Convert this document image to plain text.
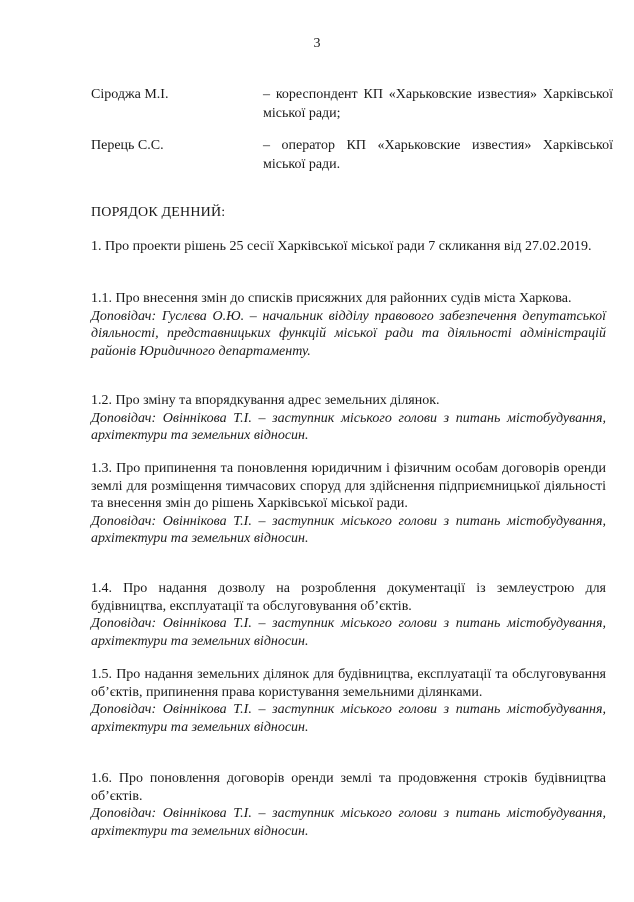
3
Сіроджа М.І.	– кореспондент КП «Харьковские известия» Харківської міської ради;
Перець С.С.	– оператор КП «Харьковские известия» Харківської міської ради.
ПОРЯДОК ДЕННИЙ:

1. Про проекти рішень 25 сесії Харківської міської ради 7 скликання від 27.02.2019.

1.1. Про внесення змін до списків присяжних для районних судів міста Харкова.

Доповідач: Гуслєва О.Ю. – начальник відділу правового забезпечення депутатської діяльності, представницьких функцій міської ради та діяльності адміністрацій районів Юридичного департаменту.

1.2. Про зміну та впорядкування адрес земельних ділянок.

Доповідач: Овіннікова Т.І. – заступник міського голови з питань містобудування, архітектури та земельних відносин.

1.3. Про припинення та поновлення юридичним і фізичним особам договорів оренди землі для розміщення тимчасових споруд для здійснення підприємницької діяльності та внесення змін до рішень Харківської міської ради.

Доповідач: Овіннікова Т.І. – заступник міського голови з питань містобудування, архітектури та земельних відносин.

1.4. Про надання дозволу на розроблення документації із землеустрою для будівництва, експлуатації та обслуговування об’єктів.

Доповідач: Овіннікова Т.І. – заступник міського голови з питань містобудування, архітектури та земельних відносин.

1.5. Про надання земельних ділянок для будівництва, експлуатації та обслуговування об’єктів, припинення права користування земельними ділянками.

Доповідач: Овіннікова Т.І. – заступник міського голови з питань містобудування, архітектури та земельних відносин.

1.6. Про поновлення договорів оренди землі та продовження строків будівництва об’єктів.

Доповідач: Овіннікова Т.І. – заступник міського голови з питань містобудування, архітектури та земельних відносин.
